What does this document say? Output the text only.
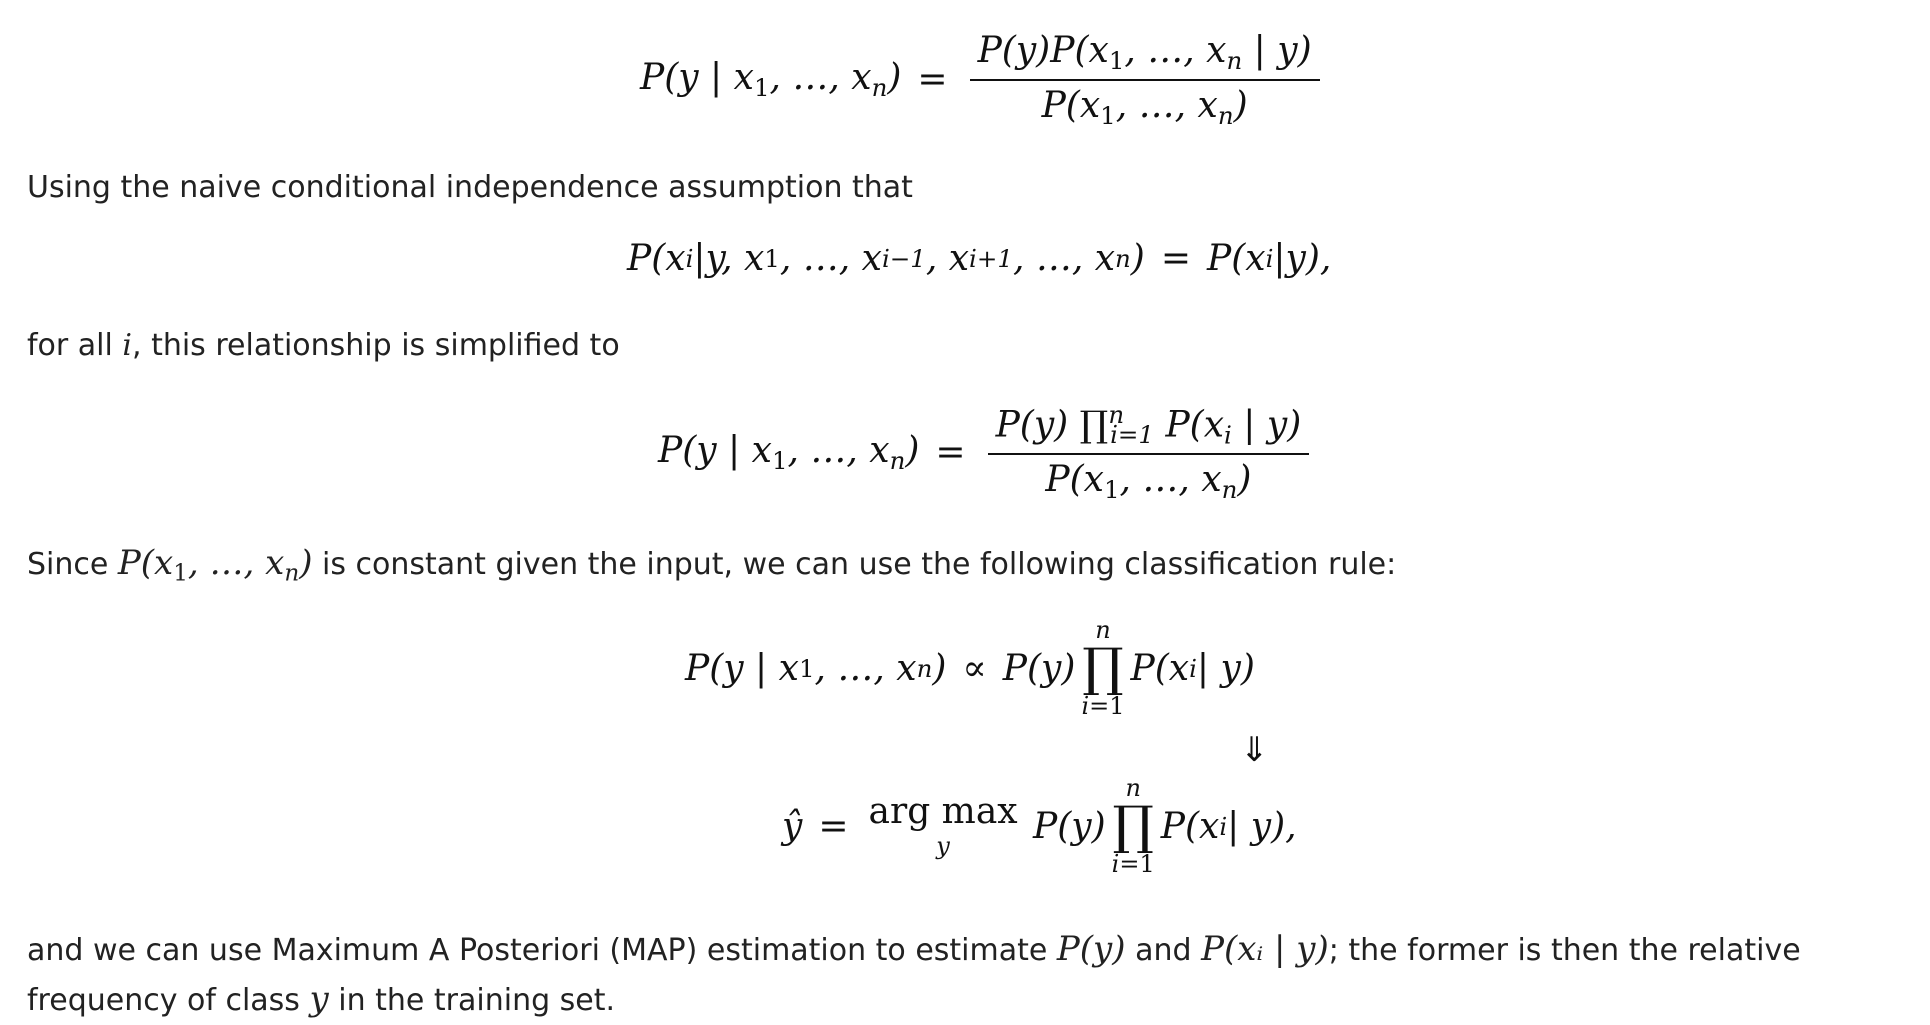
P(y | $x_1$, …, $x_n) = \frac{P(y)P(x_1, \dots, x_n | y)}{P(x_1, \dots, x_n)}$
Using the naive conditional independence assumption that
P(x i |y, x 1 , …, x i−1 , x i+1 , …, x n ) = P(x i |y),
for all i, this relationship is simplified to
P(y | $x_1$, …, $x_n) = \frac{P(y) \prod^n_{i=1} P(x_i | y)}{P(x_1, \dots, x_n)}$
Since $P(x_1$, …, $x_n$) is constant given the input, we can use the following classification rule:
P(y | x 1 , …, x n ) ∝ P(y)
n
∏
i=1
P(x i | y)
⇓
ŷ = arg max
y P(y)
n
∏
i=1
P(x i | y),
and we can use Maximum A Posteriori (MAP) estimation to estimate P(y) and P(xᵢ | y); the former is then the relative frequency of class y in the training set.
